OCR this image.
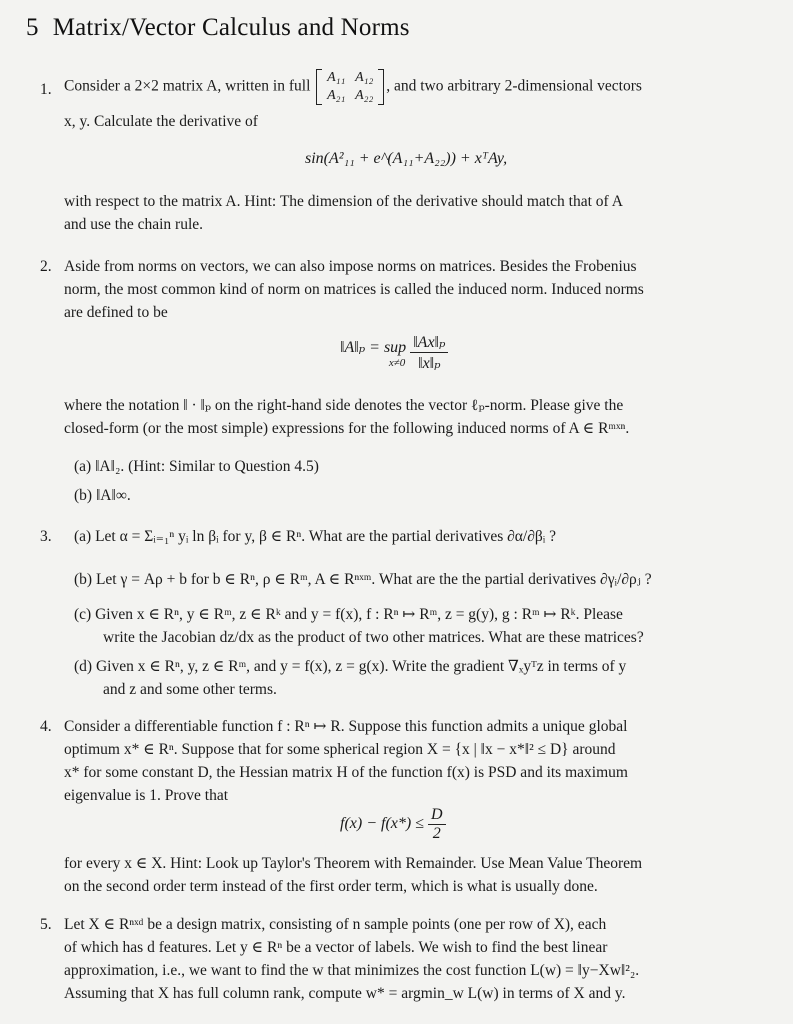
5 Matrix/Vector Calculus and Norms
1. Consider a 2×2 matrix A, written in full
A₁₁ A₁₂
A₂₁ A₂₂
, and two arbitrary 2-dimensional vectors
x, y. Calculate the derivative of
sin(A²₁₁ + e^(A₁₁+A₂₂)) + xᵀAy,
with respect to the matrix A. Hint: The dimension of the derivative should match that of A
and use the chain rule.
2. Aside from norms on vectors, we can also impose norms on matrices. Besides the Frobenius
norm, the most common kind of norm on matrices is called the induced norm. Induced norms
are defined to be
‖A‖ₚ = sup
x≠0
$\frac{\text{‖Ax‖ₚ}}{\text{‖x‖ₚ}}$
where the notation ‖ · ‖ₚ on the right-hand side denotes the vector ℓₚ-norm. Please give the
closed-form (or the most simple) expressions for the following induced norms of A ∈ Rᵐˣⁿ.
(a) ‖A‖₂. (Hint: Similar to Question 4.5)
(b) ‖A‖∞.
3. (a) Let α = Σᵢ₌₁ⁿ yᵢ ln βᵢ for y, β ∈ Rⁿ. What are the partial derivatives ∂α/∂βᵢ ?
(b) Let γ = Aρ + b for b ∈ Rⁿ, ρ ∈ Rᵐ, A ∈ Rⁿˣᵐ. What are the the partial derivatives ∂γᵢ/∂ρⱼ ?
(c) Given x ∈ Rⁿ, y ∈ Rᵐ, z ∈ Rᵏ and y = f(x), f : Rⁿ ↦ Rᵐ, z = g(y), g : Rᵐ ↦ Rᵏ. Please
write the Jacobian dz/dx as the product of two other matrices. What are these matrices?
(d) Given x ∈ Rⁿ, y, z ∈ Rᵐ, and y = f(x), z = g(x). Write the gradient ∇ₓyᵀz in terms of y
and z and some other terms.
4. Consider a differentiable function f : Rⁿ ↦ R. Suppose this function admits a unique global
optimum x* ∈ Rⁿ. Suppose that for some spherical region X = {x | ‖x − x*‖² ≤ D} around
x* for some constant D, the Hessian matrix H of the function f(x) is PSD and its maximum
eigenvalue is 1. Prove that
$f(x) - f(x*) \le \frac{D}{2}$
for every x ∈ X. Hint: Look up Taylor's Theorem with Remainder. Use Mean Value Theorem
on the second order term instead of the first order term, which is what is usually done.
5. Let X ∈ Rⁿˣᵈ be a design matrix, consisting of n sample points (one per row of X), each
of which has d features. Let y ∈ Rⁿ be a vector of labels. We wish to find the best linear
approximation, i.e., we want to find the w that minimizes the cost function L(w) = ‖y−Xw‖²₂.
Assuming that X has full column rank, compute w* = argmin_w L(w) in terms of X and y.
